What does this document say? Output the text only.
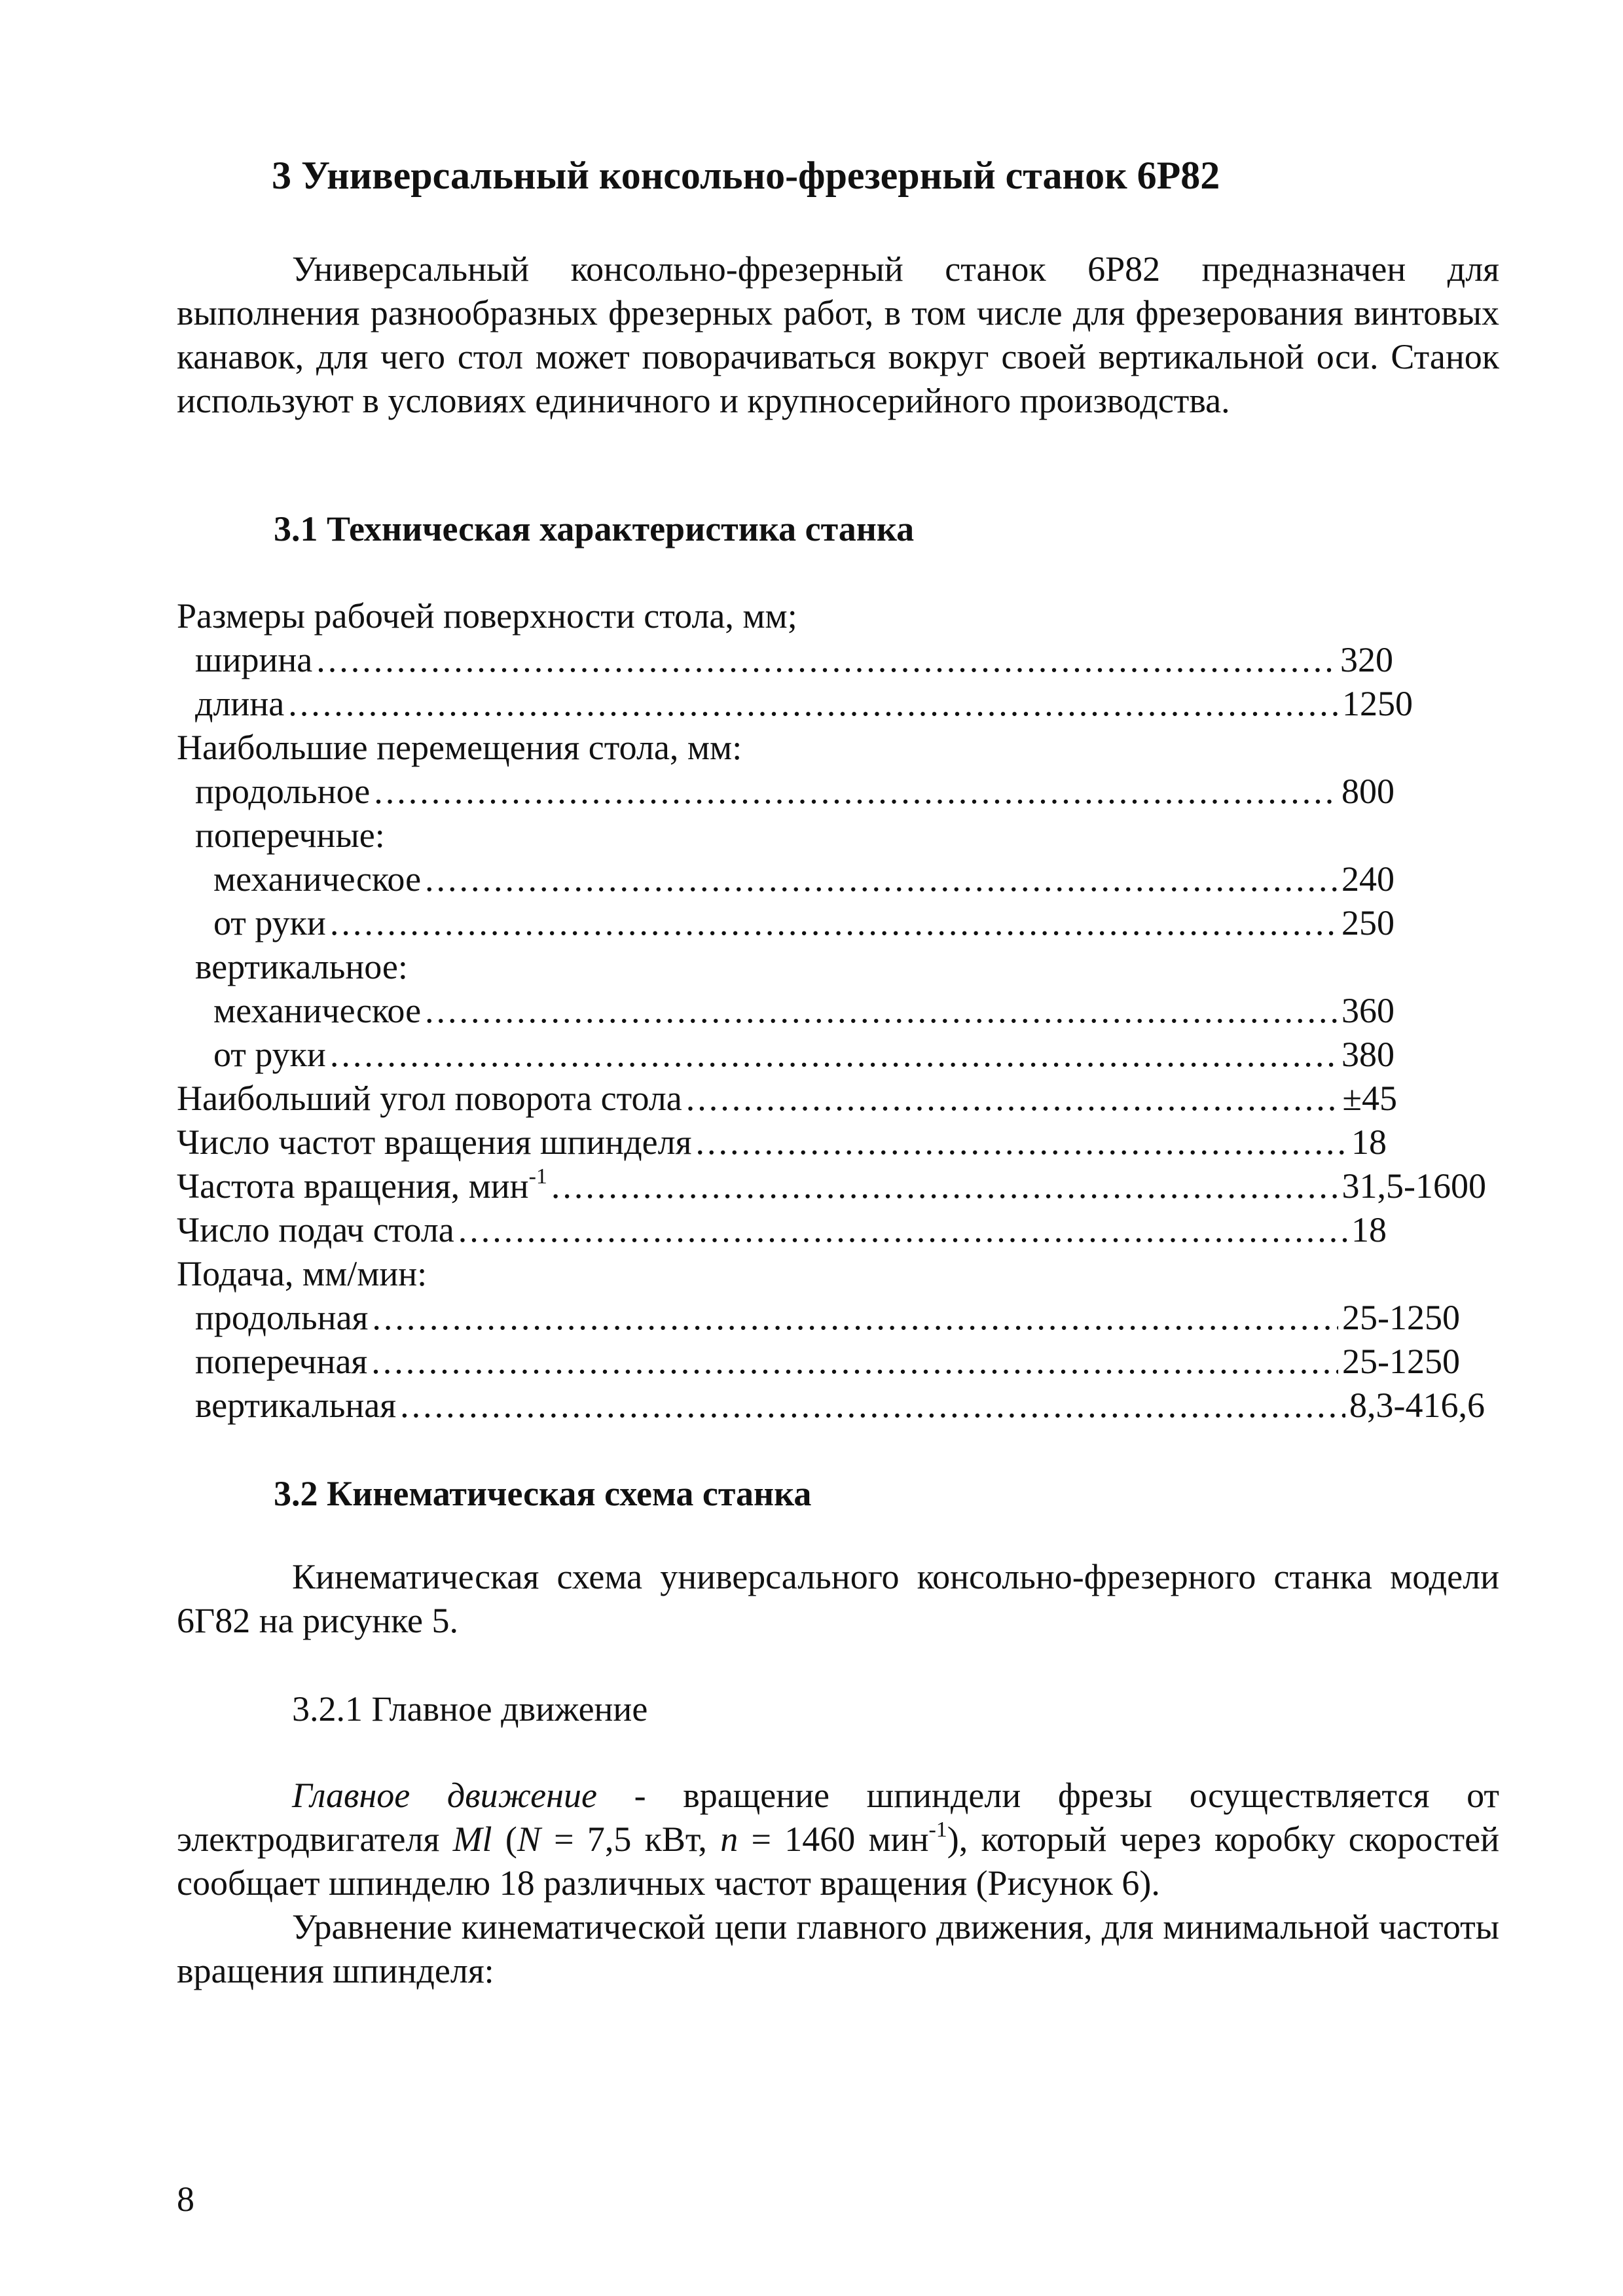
3 Универсальный консольно-фрезерный станок 6Р82
Универсальный консольно-фрезерный станок 6Р82 предназначен для выполнения разнообразных фрезерных работ, в том числе для фрезерования винтовых канавок, для чего стол может поворачиваться вокруг своей вертикальной оси. Станок используют в условиях единичного и крупносерийного производства.
3.1 Техническая характеристика станка
Размеры рабочей поверхности стола, мм;
ширина .....	320
длина .....	1250
Наибольшие перемещения стола, мм:
продольное .....	800
поперечные:
механическое .....	240
от руки .....	250
вертикальное:
механическое .....	360
от руки .....	380
Наибольший угол поворота стола .....	±45
Число частот вращения шпинделя .....	18
Частота вращения, мин$^{-1}$ .....	31,5-1600
Число подач стола .....	18
Подача, мм/мин:
продольная .....	25-1250
поперечная .....	25-1250
вертикальная .....	8,3-416,6
3.2 Кинематическая схема станка
Кинематическая схема универсального консольно-фрезерного станка модели 6Г82 на рисунке 5.
3.2.1 Главное движение
Главное движение - вращение шпиндели фрезы осуществляется от электродвигателя Ml (N = 7,5 кВт, n = 1460 мин$^{-1}$), который через коробку скоростей сообщает шпинделю 18 различных частот вращения (Рисунок 6).
Уравнение кинематической цепи главного движения, для минимальной частоты вращения шпинделя:
8
